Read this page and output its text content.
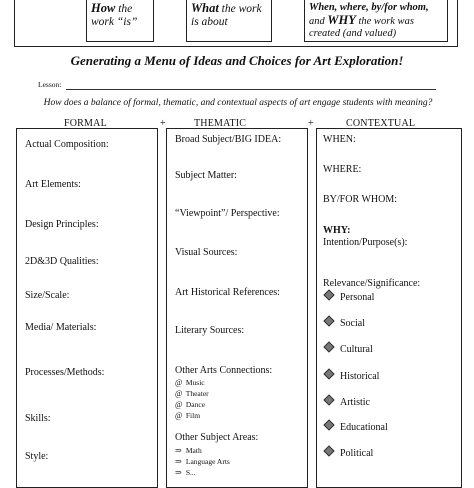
How the work “is”
What the work is about
When, where, by/for whom, and WHY the work was created (and valued)
Generating a Menu of Ideas and Choices for Art Exploration!
Lesson:
How does a balance of formal, thematic, and contextual aspects of art engage students with meaning?
FORMAL	+	THEMATIC	+	CONTEXTUAL
Actual Composition:
Art Elements:
Design Principles:
2D&3D Qualities:
Size/Scale:
Media/ Materials:
Processes/Methods:
Skills:
Style:
Broad Subject/BIG IDEA:
Subject Matter:
“Viewpoint”/ Perspective:
Visual Sources:
Art Historical References:
Literary Sources:
Other Arts Connections:
@ Music
@ Theater
@ Dance
@ Film
Other Subject Areas:
⇒ Math
⇒ Language Arts
⇒ S...
WHEN:
WHERE:
BY/FOR WHOM:
WHY:
Intention/Purpose(s):
Relevance/Significance:
Personal
Social
Cultural
Historical
Artistic
Educational
Political
